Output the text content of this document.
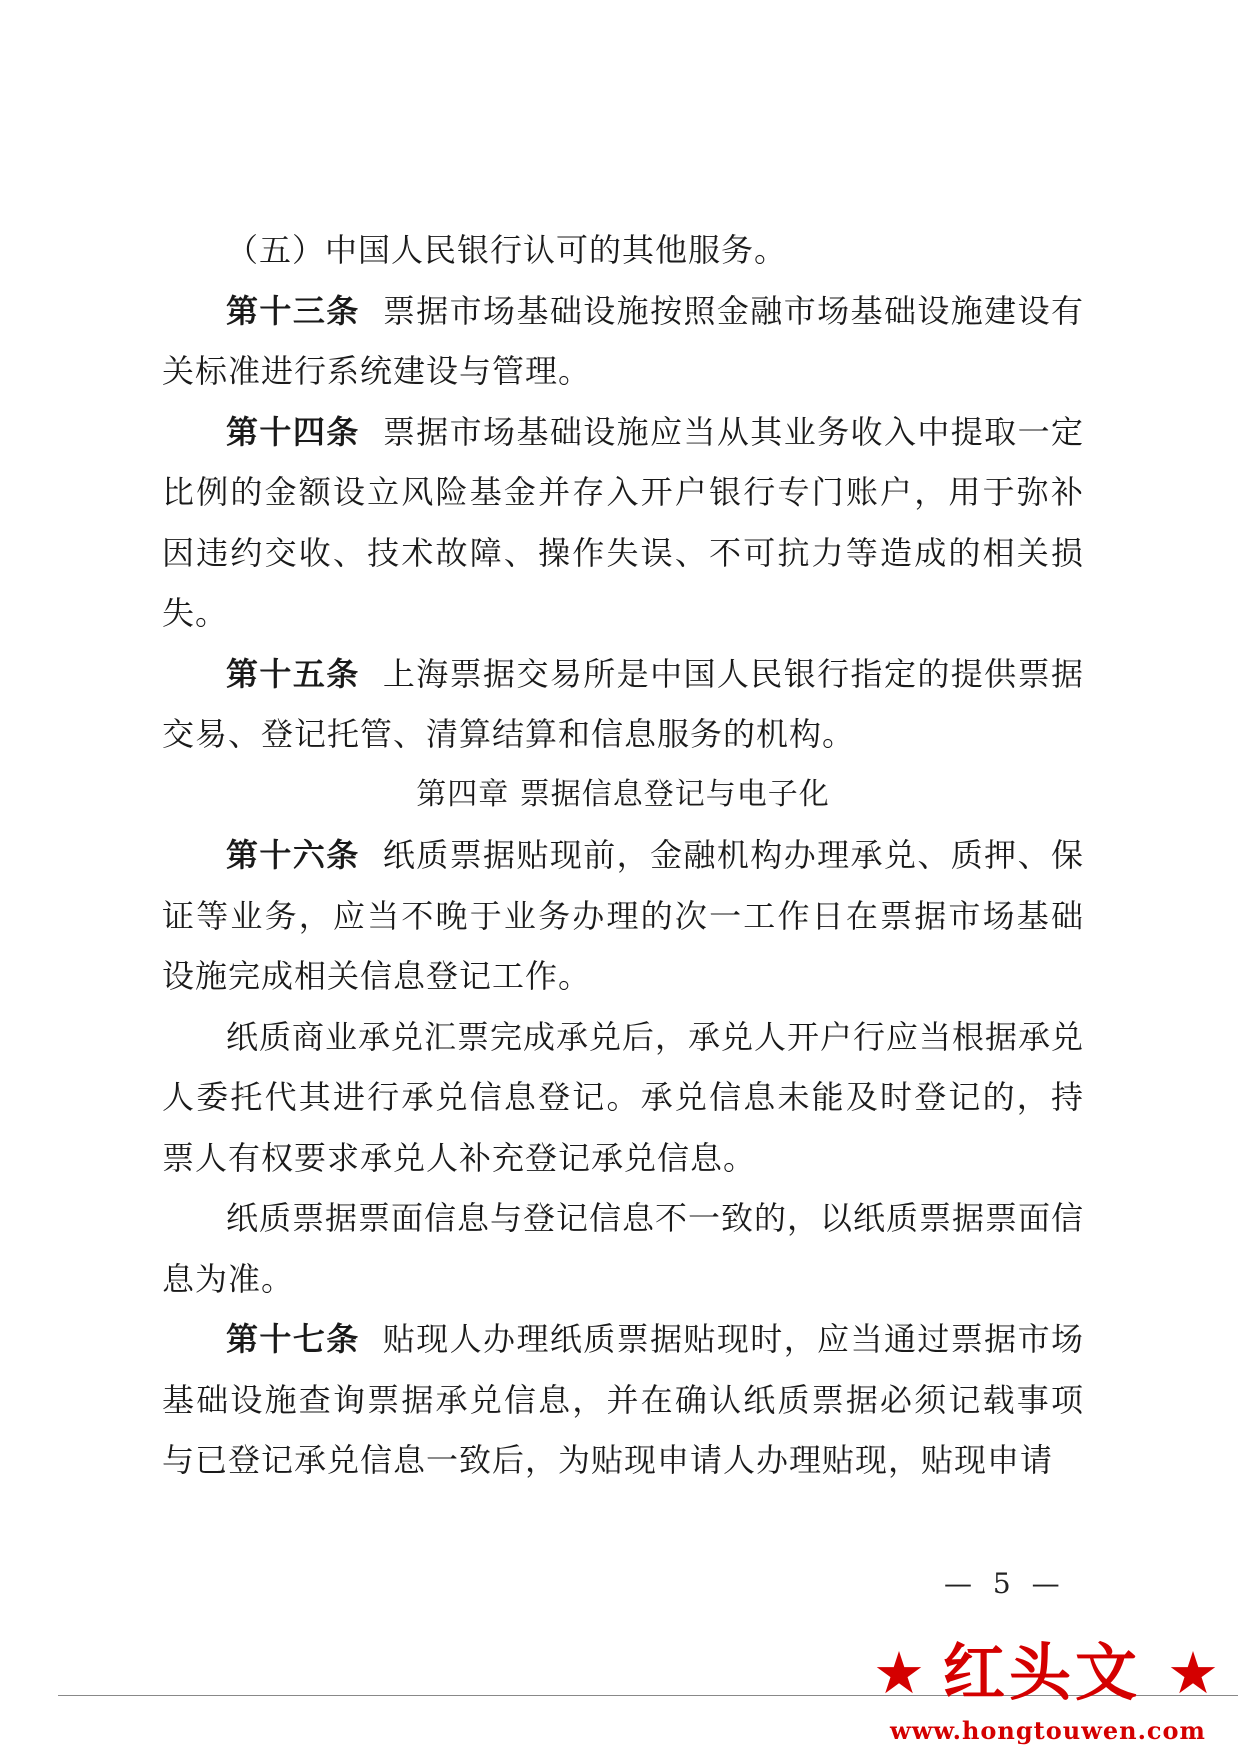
（五）中国人民银行认可的其他服务。

第十三条 票据市场基础设施按照金融市场基础设施建设有关标准进行系统建设与管理。

第十四条 票据市场基础设施应当从其业务收入中提取一定比例的金额设立风险基金并存入开户银行专门账户，用于弥补因违约交收、技术故障、操作失误、不可抗力等造成的相关损失。

第十五条 上海票据交易所是中国人民银行指定的提供票据交易、登记托管、清算结算和信息服务的机构。

第四章 票据信息登记与电子化

第十六条 纸质票据贴现前，金融机构办理承兑、质押、保证等业务，应当不晚于业务办理的次一工作日在票据市场基础设施完成相关信息登记工作。

纸质商业承兑汇票完成承兑后，承兑人开户行应当根据承兑人委托代其进行承兑信息登记。承兑信息未能及时登记的，持票人有权要求承兑人补充登记承兑信息。

纸质票据票面信息与登记信息不一致的，以纸质票据票面信息为准。

第十七条 贴现人办理纸质票据贴现时，应当通过票据市场基础设施查询票据承兑信息，并在确认纸质票据必须记载事项与已登记承兑信息一致后，为贴现申请人办理贴现，贴现申请

— 5 —
★ 红头文 ★
www.hongtouwen.com
